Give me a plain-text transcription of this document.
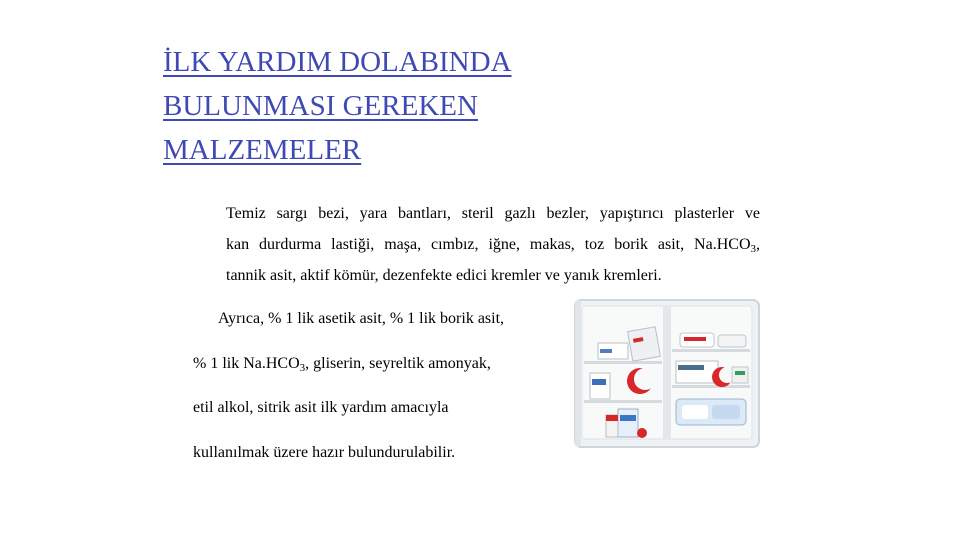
İLK YARDIM DOLABINDA
BULUNMASI GEREKEN
MALZEMELER

Temiz sargı bezi, yara bantları, steril gazlı bezler, yapıştırıcı plasterler ve
kan durdurma lastiği, maşa, cımbız, iğne, makas, toz borik asit, $Na.HCO_3$,
tannik asit, aktif kömür, dezenfekte edici kremler ve yanık kremleri.

Ayrıca, % 1 lik asetik asit, % 1 lik borik asit,
% 1 lik $Na.HCO_3$, gliserin, seyreltik amonyak,
etil alkol, sitrik asit ilk yardım amacıyla
kullanılmak üzere hazır bulundurulabilir.
